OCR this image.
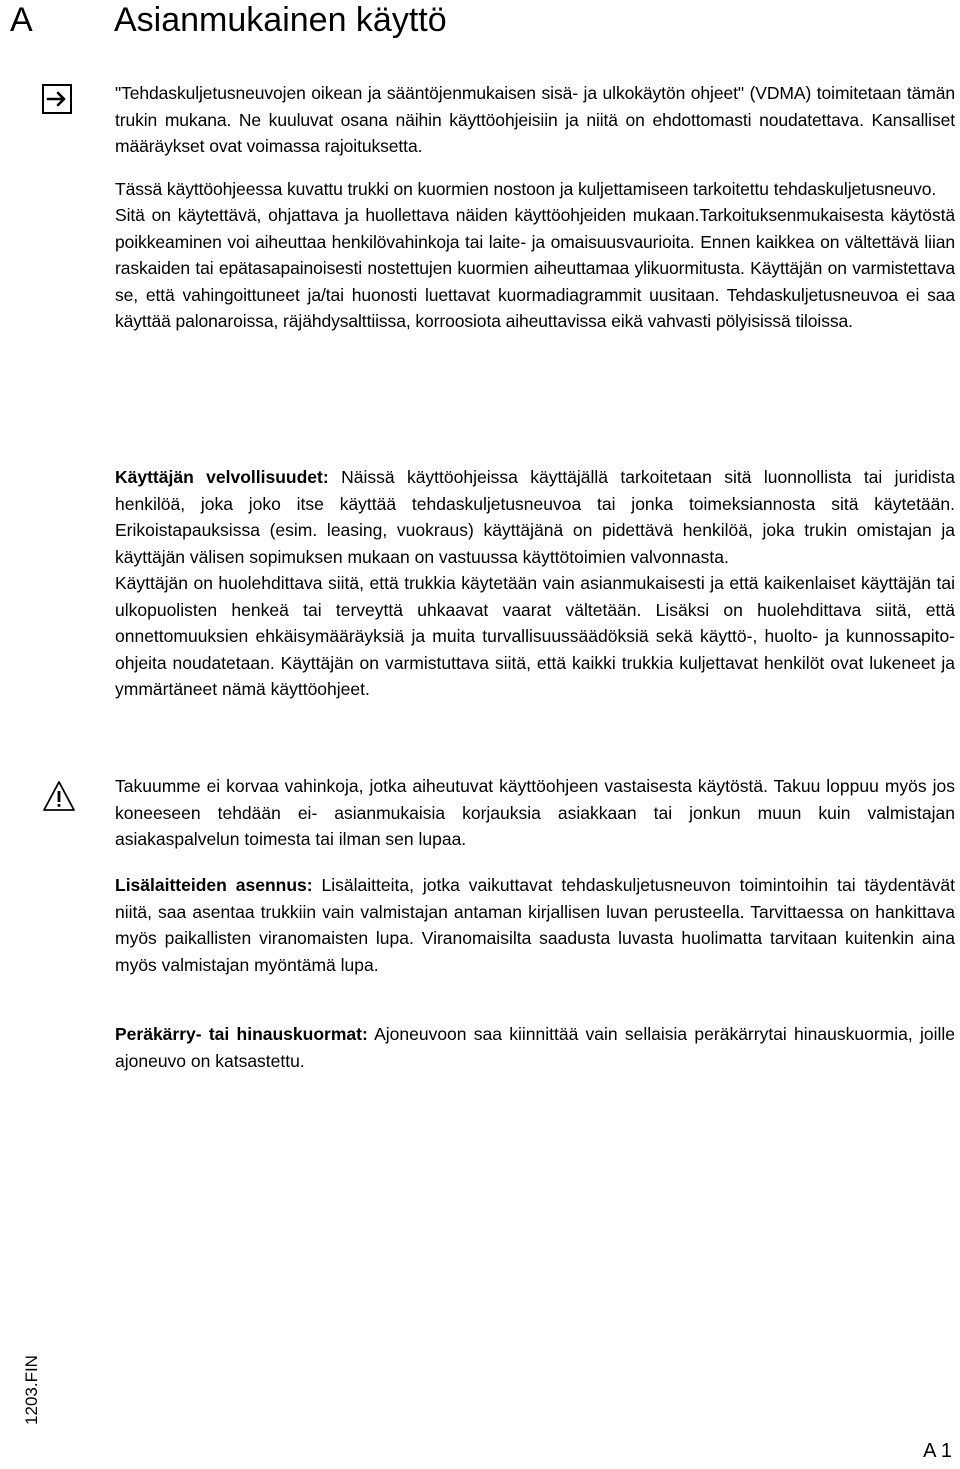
A Asianmukainen käyttö

"Tehdaskuljetusneuvojen oikean ja sääntöjenmukaisen sisä- ja ulkokäytön ohjeet" (VDMA) toimitetaan tämän trukin mukana. Ne kuuluvat osana näihin käyttöohjeisiin ja niitä on ehdottomasti noudatettava. Kansalliset määräykset ovat voimassa rajoituksetta.

Tässä käyttöohjeessa kuvattu trukki on kuormien nostoon ja kuljettamiseen tarkoitettu tehdaskuljetusneuvo.

Sitä on käytettävä, ohjattava ja huollettava näiden käyttöohjeiden mukaan.Tarkoituksenmukaisesta käytöstä poikkeaminen voi aiheuttaa henkilövahinkoja tai laite- ja omaisuusvaurioita. Ennen kaikkea on vältettävä liian raskaiden tai epätasapainoisesti nostettujen kuormien aiheuttamaa ylikuormitusta. Käyttäjän on varmistettava se, että vahingoittuneet ja/tai huonosti luettavat kuormadiagrammit uusitaan. Tehdaskuljetusneuvoa ei saa käyttää palonaroissa, räjähdysalttiissa, korroosiota aiheuttavissa eikä vahvasti pölyisissä tiloissa.

Käyttäjän velvollisuudet: Näissä käyttöohjeissa käyttäjällä tarkoitetaan sitä luonnollista tai juridista henkilöä, joka joko itse käyttää tehdaskuljetusneuvoa tai jonka toimeksiannosta sitä käytetään. Erikoistapauksissa (esim. leasing, vuokraus) käyttäjänä on pidettävä henkilöä, joka trukin omistajan ja käyttäjän välisen sopimuksen mukaan on vastuussa käyttötoimien valvonnasta.

Käyttäjän on huolehdittava siitä, että trukkia käytetään vain asianmukaisesti ja että kaikenlaiset käyttäjän tai ulkopuolisten henkeä tai terveyttä uhkaavat vaarat vältetään. Lisäksi on huolehdittava siitä, että onnettomuuksien ehkäisymääräyksiä ja muita turvallisuussäädöksiä sekä käyttö-, huolto- ja kunnossapito-ohjeita noudatetaan. Käyttäjän on varmistuttava siitä, että kaikki trukkia kuljettavat henkilöt ovat lukeneet ja ymmärtäneet nämä käyttöohjeet.

Takuumme ei korvaa vahinkoja, jotka aiheutuvat käyttöohjeen vastaisesta käytöstä. Takuu loppuu myös jos koneeseen tehdään ei- asianmukaisia korjauksia asiakkaan tai jonkun muun kuin valmistajan asiakaspalvelun toimesta tai ilman sen lupaa.

Lisälaitteiden asennus: Lisälaitteita, jotka vaikuttavat tehdaskuljetusneuvon toimintoihin tai täydentävät niitä, saa asentaa trukkiin vain valmistajan antaman kirjallisen luvan perusteella. Tarvittaessa on hankittava myös paikallisten viranomaisten lupa. Viranomaisilta saadusta luvasta huolimatta tarvitaan kuitenkin aina myös valmistajan myöntämä lupa.

Peräkärry- tai hinauskuormat: Ajoneuvoon saa kiinnittää vain sellaisia peräkärrytai hinauskuormia, joille ajoneuvo on katsastettu.

1203.FIN
A 1
